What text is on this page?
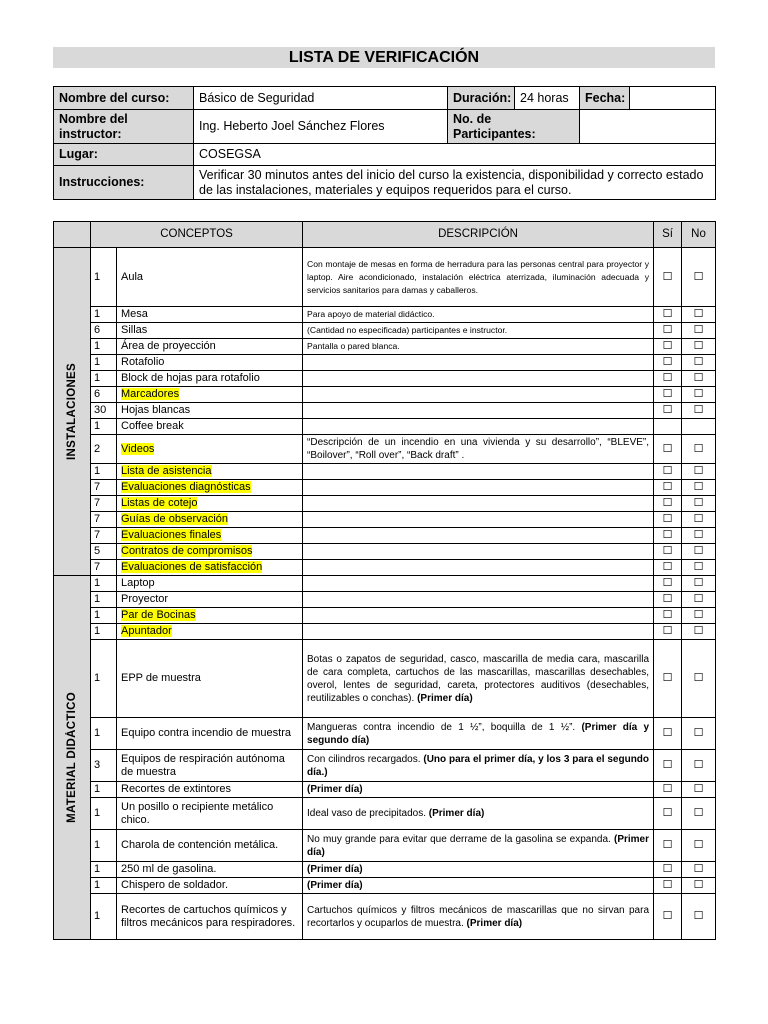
LISTA DE VERIFICACIÓN
Nombre del curso:	Básico de Seguridad	Duración:	24 horas	Fecha:	
Nombre del instructor:	Ing. Heberto Joel Sánchez Flores	No. de Participantes:			
Lugar:	COSEGSA				
Instrucciones:	Verificar 30 minutos antes del inicio del curso la existencia, disponibilidad y correcto estado de las instalaciones, materiales y equipos requeridos para el curso.				
	CONCEPTOS		DESCRIPCIÓN	Sí	No

INSTALACIONES	1	Aula	Con montaje de mesas en forma de herradura para las personas central para proyector y laptop. Aire acondicionado, instalación eléctrica aterrizada, iluminación adecuada y servicios sanitarios para damas y caballeros.	☐	☐
	1	Mesa	Para apoyo de material didáctico.	☐	☐
	6	Sillas	(Cantidad no especificada) participantes e instructor.	☐	☐
	1	Área de proyección	Pantalla o pared blanca.	☐	☐
	1	Rotafolio		☐	☐
	1	Block de hojas para rotafolio		☐	☐
	6	Marcadores		☐	☐
	30	Hojas blancas		☐	☐
	1	Coffee break			
	2	Videos	“Descripción de un incendio en una vivienda y su desarrollo”, “BLEVE”, “Boilover”, “Roll over”, “Back draft” .	☐	☐
	1	Lista de asistencia		☐	☐
	7	Evaluaciones diagnósticas		☐	☐
	7	Listas de cotejo		☐	☐
	7	Guías de observación		☐	☐
	7	Evaluaciones finales		☐	☐
	5	Contratos de compromisos		☐	☐
	7	Evaluaciones de satisfacción		☐	☐

MATERIAL DIDÁCTICO	1	Laptop		☐	☐
	1	Proyector		☐	☐
	1	Par de Bocinas		☐	☐
	1	Apuntador		☐	☐
	1	EPP de muestra	Botas o zapatos de seguridad, casco, mascarilla de media cara, mascarilla de cara completa, cartuchos de las mascarillas, mascarillas desechables, overol, lentes de seguridad, careta, protectores auditivos (desechables, reutilizables o conchas). (Primer día)	☐	☐
	1	Equipo contra incendio de muestra	Mangueras contra incendio de 1 ½”, boquilla de 1 ½”. (Primer día y segundo día)	☐	☐
	3	Equipos de respiración autónoma de muestra	Con cilindros recargados. (Uno para el primer día, y los 3 para el segundo día.)	☐	☐
	1	Recortes de extintores	(Primer día)	☐	☐
	1	Un posillo o recipiente metálico chico.	Ideal vaso de precipitados. (Primer día)	☐	☐
	1	Charola de contención metálica.	No muy grande para evitar que derrame de la gasolina se expanda. (Primer día)	☐	☐
	1	250 ml de gasolina.	(Primer día)	☐	☐
	1	Chispero de soldador.	(Primer día)	☐	☐
	1	Recortes de cartuchos químicos y filtros mecánicos para respiradores.	Cartuchos químicos y filtros mecánicos de mascarillas que no sirvan para recortarlos y ocuparlos de muestra. (Primer día)	☐	☐
